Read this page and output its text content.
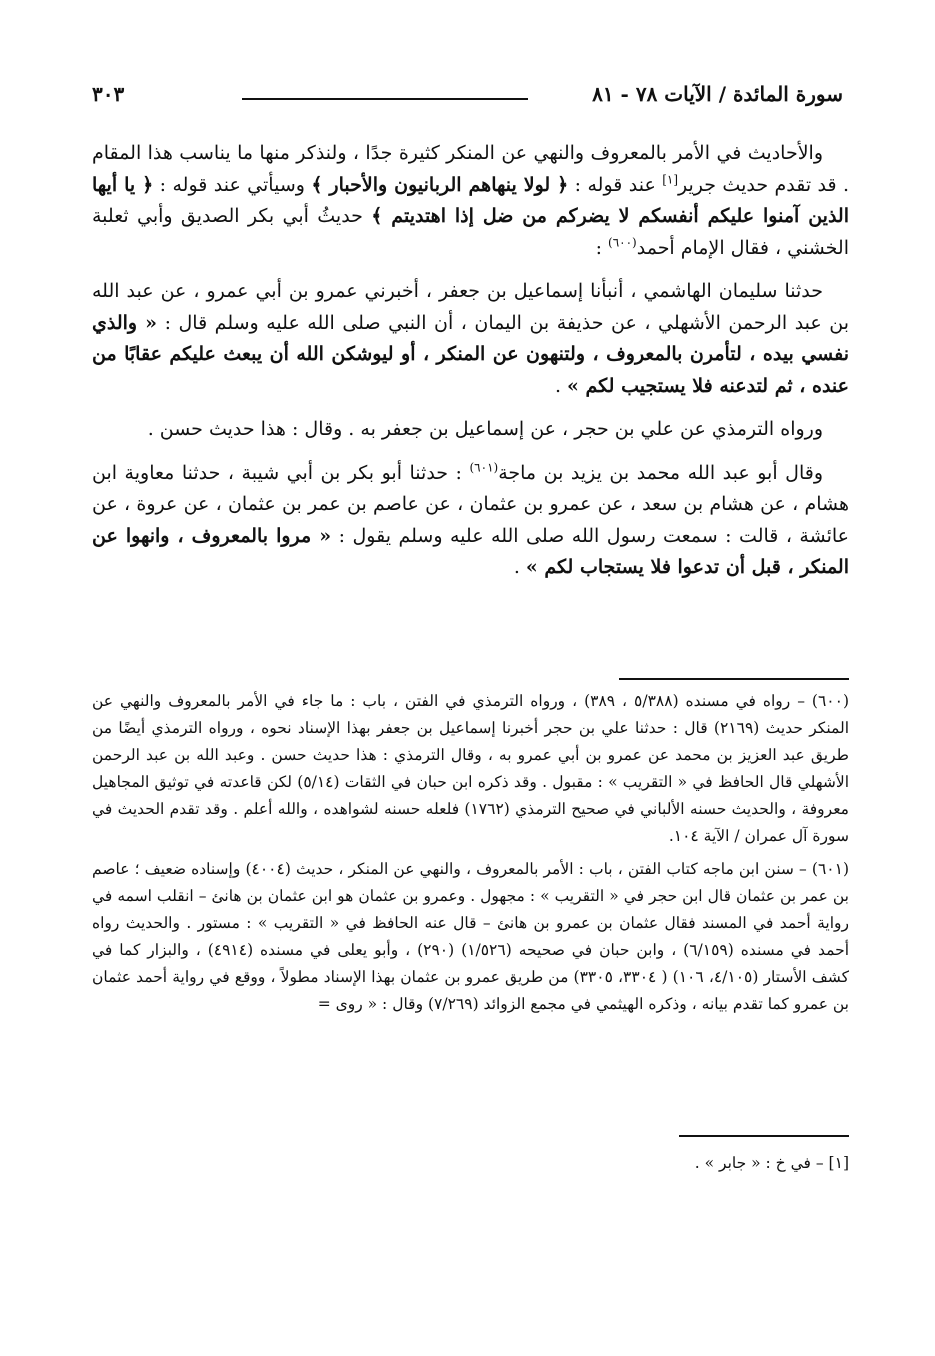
سورة المائدة / الآيات ٧٨ - ٨١
٣٠٣

والأحاديث في الأمر بالمعروف والنهي عن المنكر كثيرة جدًا ، ولنذكر منها ما يناسب هذا المقام . قد تقدم حديث جرير[١] عند قوله : ﴿ لولا ينهاهم الربانيون والأحبار ﴾ وسيأتي عند قوله : ﴿ يا أيها الذين آمنوا عليكم أنفسكم لا يضركم من ضل إذا اهتديتم ﴾ حديثُ أبي بكر الصديق وأبي ثعلبة الخشني ، فقال الإمام أحمد$^{(٦٠٠)}$ :

حدثنا سليمان الهاشمي ، أنبأنا إسماعيل بن جعفر ، أخبرني عمرو بن أبي عمرو ، عن عبد الله بن عبد الرحمن الأشهلي ، عن حذيفة بن اليمان ، أن النبي صلى الله عليه وسلم قال : « والذي نفسي بيده ، لتأمرن بالمعروف ، ولتنهون عن المنكر ، أو ليوشكن الله أن يبعث عليكم عقابًا من عنده ، ثم لتدعنه فلا يستجيب لكم » .

ورواه الترمذي عن علي بن حجر ، عن إسماعيل بن جعفر به . وقال : هذا حديث حسن .

وقال أبو عبد الله محمد بن يزيد بن ماجة$^{(٦٠١)}$ : حدثنا أبو بكر بن أبي شيبة ، حدثنا معاوية ابن هشام ، عن هشام بن سعد ، عن عمرو بن عثمان ، عن عاصم بن عمر بن عثمان ، عن عروة ، عن عائشة ، قالت : سمعت رسول الله صلى الله عليه وسلم يقول : « مروا بالمعروف ، وانهوا عن المنكر ، قبل أن تدعوا فلا يستجاب لكم » .

(٦٠٠) – رواه في مسنده (٥/٣٨٨ ، ٣٨٩) ، ورواه الترمذي في الفتن ، باب : ما جاء في الأمر بالمعروف والنهي عن المنكر حديث (٢١٦٩) قال : حدثنا علي بن حجر أخبرنا إسماعيل بن جعفر بهذا الإسناد نحوه ، ورواه الترمذي أيضًا من طريق عبد العزيز بن محمد عن عمرو بن أبي عمرو به ، وقال الترمذي : هذا حديث حسن . وعبد الله بن عبد الرحمن الأشهلي قال الحافظ في « التقريب » : مقبول . وقد ذكره ابن حبان في الثقات (٥/١٤) لكن قاعدته في توثيق المجاهيل معروفة ، والحديث حسنه الألباني في صحيح الترمذي (١٧٦٢) فلعله حسنه لشواهده ، والله أعلم . وقد تقدم الحديث في سورة آل عمران / الآية ١٠٤.

(٦٠١) – سنن ابن ماجه كتاب الفتن ، باب : الأمر بالمعروف ، والنهي عن المنكر ، حديث (٤٠٠٤) وإسناده ضعيف ؛ عاصم بن عمر بن عثمان قال ابن حجر في « التقريب » : مجهول . وعمرو بن عثمان هو ابن عثمان بن هانئ – انقلب اسمه في رواية أحمد في المسند فقال عثمان بن عمرو بن هانئ – قال عنه الحافظ في « التقريب » : مستور . والحديث رواه أحمد في مسنده (٦/١٥٩) ، وابن حبان في صحيحه (١/٥٢٦) (٢٩٠) ، وأبو يعلى في مسنده (٤٩١٤) ، والبزار كما في كشف الأستار (٤/١٠٥، ١٠٦) ( ٣٣٠٤، ٣٣٠٥) من طريق عمرو بن عثمان بهذا الإسناد مطولاً ، ووقع في رواية أحمد عثمان بن عمرو كما تقدم بيانه ، وذكره الهيثمي في مجمع الزوائد (٧/٢٦٩) وقال : « روى =

[١] – في خ : « جابر » .
